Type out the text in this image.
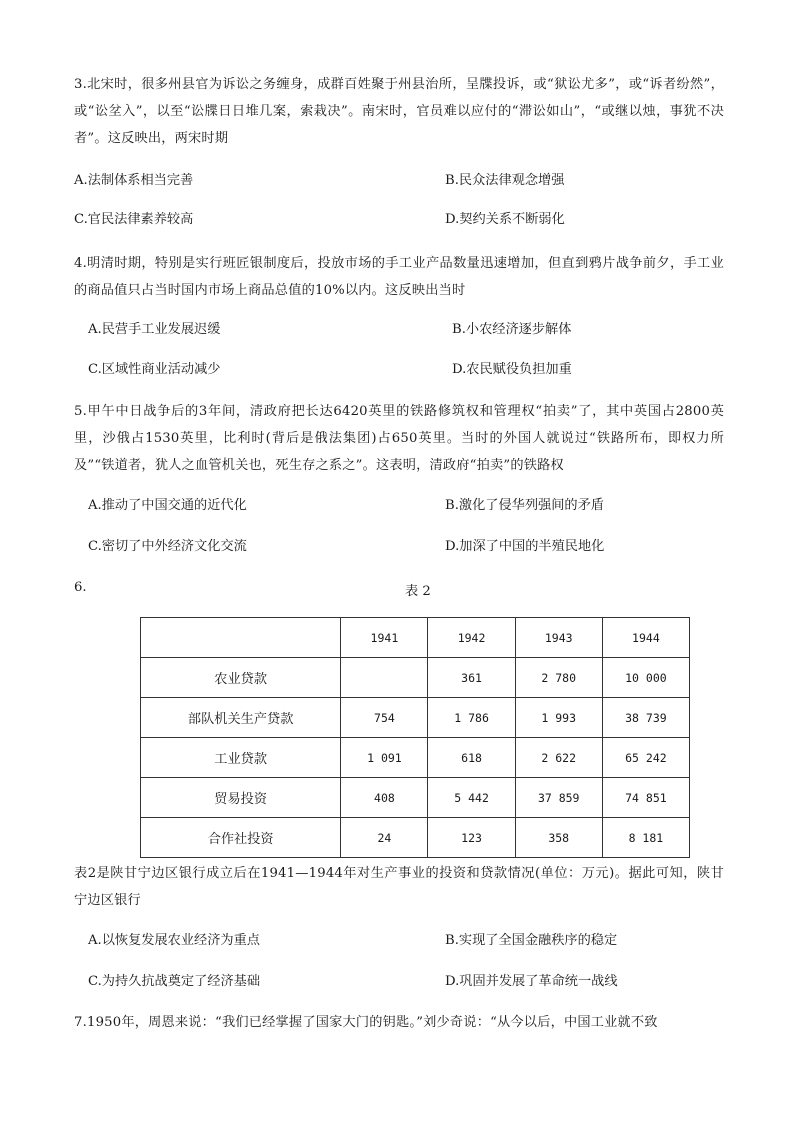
3.北宋时，很多州县官为诉讼之务缠身，成群百姓聚于州县治所，呈牒投诉，或“狱讼尤多”，或“诉者纷然”，或“讼坌入”，以至“讼牒日日堆几案，索栽决”。南宋时，官员难以应付的“滞讼如山”，“或继以烛，事犹不决者”。这反映出，两宋时期
A.法制体系相当完善	B.民众法律观念增强
C.官民法律素养较高	D.契约关系不断弱化
4.明清时期，特别是实行班匠银制度后，投放市场的手工业产品数量迅速增加，但直到鸦片战争前夕，手工业的商品值只占当时国内市场上商品总值的10%以内。这反映出当时
A.民营手工业发展迟缓	B.小农经济逐步解体
C.区域性商业活动减少	D.农民赋役负担加重
5.甲午中日战争后的3年间，清政府把长达6420英里的铁路修筑权和管理权“拍卖”了，其中英国占2800英里，沙俄占1530英里，比利时(背后是俄法集团)占650英里。当时的外国人就说过“铁路所布，即权力所及”“铁道者，犹人之血管机关也，死生存之系之”。这表明，清政府“拍卖”的铁路权
A.推动了中国交通的近代化	B.激化了侵华列强间的矛盾
C.密切了中外经济文化交流	D.加深了中国的半殖民地化
6.	表 2
	1941	1942	1943	1944
农业贷款		361	2 780	10 000
部队机关生产贷款	754	1 786	1 993	38 739
工业贷款	1 091	618	2 622	65 242
贸易投资	408	5 442	37 859	74 851
合作社投资	24	123	358	8 181
表2是陕甘宁边区银行成立后在1941—1944年对生产事业的投资和贷款情况(单位：万元)。据此可知，陕甘宁边区银行
A.以恢复发展农业经济为重点	B.实现了全国金融秩序的稳定
C.为持久抗战奠定了经济基础	D.巩固并发展了革命统一战线
7.1950年，周恩来说：“我们已经掌握了国家大门的钥匙。”刘少奇说：“从今以后，中国工业就不致
